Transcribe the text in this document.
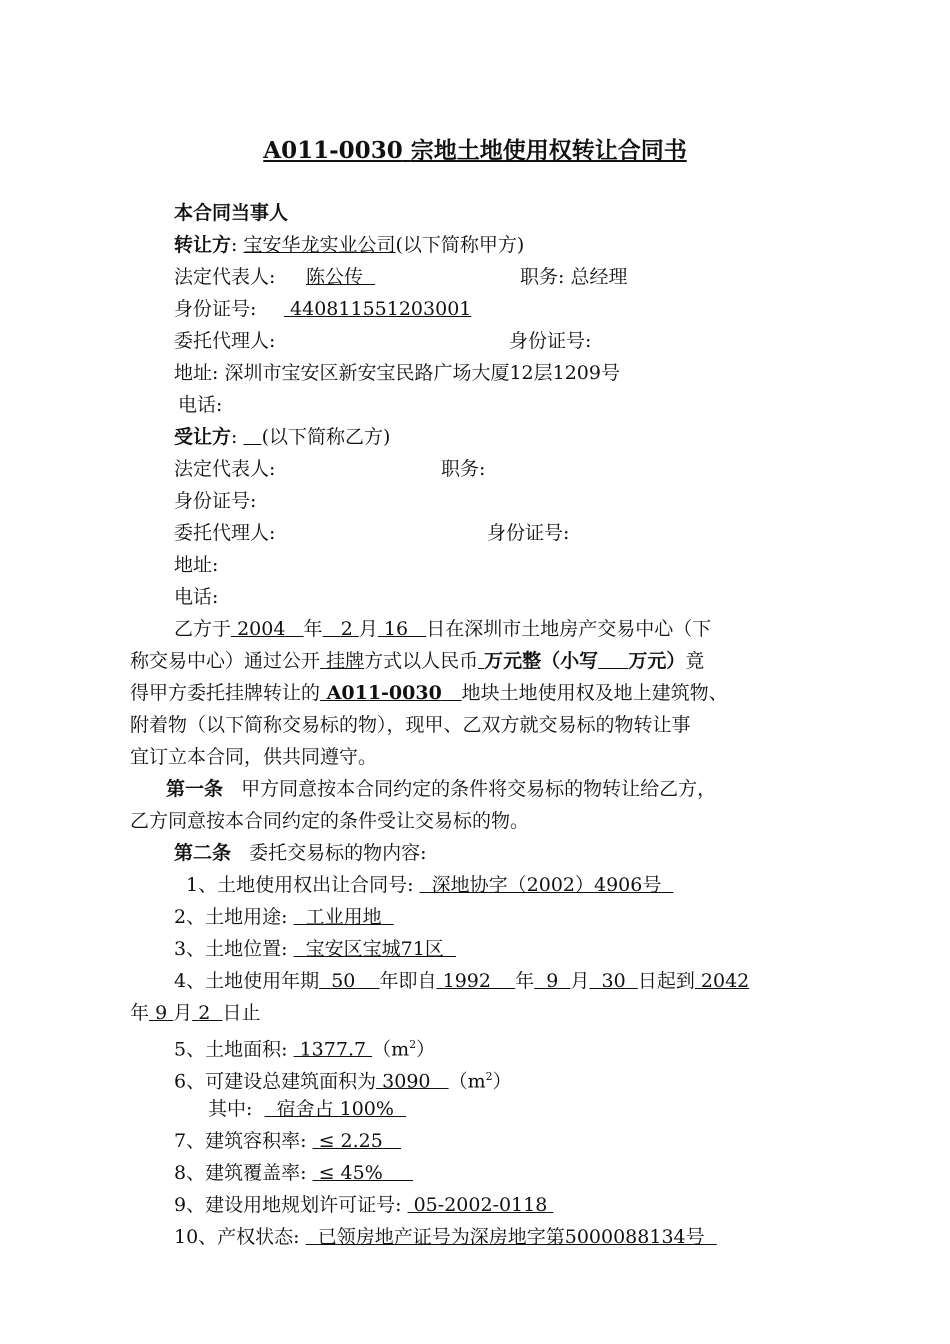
A011-0030 宗地土地使用权转让合同书
本合同当事人
转让方: 宝安华龙实业公司(以下简称甲方)
法定代表人: 陈公传	职务: 总经理
身份证号:	440811551203001
委托代理人:	身份证号:
地址: 深圳市宝安区新安宝民路广场大厦12层1209号
电话:
受让方:    (以下简称乙方)
法定代表人:	职务:
身份证号:
委托代理人:	身份证号:
地址:
电话:
乙方于 2004 年 2 月 16 日在深圳市土地房产交易中心（下
称交易中心）通过公开 挂牌方式以人民币 万元整（小写 万元）竟
得甲方委托挂牌转让的 A011-0030 地块土地使用权及地上建筑物、
附着物（以下简称交易标的物），现甲、乙双方就交易标的物转让事
宜订立本合同，供共同遵守。
第一条 甲方同意按本合同约定的条件将交易标的物转让给乙方，
乙方同意按本合同约定的条件受让交易标的物。
第二条 委托交易标的物内容:
1、土地使用权出让合同号: 深地协字（2002）4906号
2、土地用途: 工业用地
3、土地位置: 宝安区宝城71区
4、土地使用年期 50 年即自 1992 年 9 月 30 日起到 2042
年 9 月 2 日止
5、土地面积: 1377.7 $(m^2)$
6、可建设总建筑面积为 3090 $(m^2)$
其中: 宿舍占 100%
7、建筑容积率: ≤ 2.25
8、建筑覆盖率: ≤ 45%
9、建设用地规划许可证号: 05-2002-0118
10、产权状态: 已领房地产证号为深房地字第5000088134号
